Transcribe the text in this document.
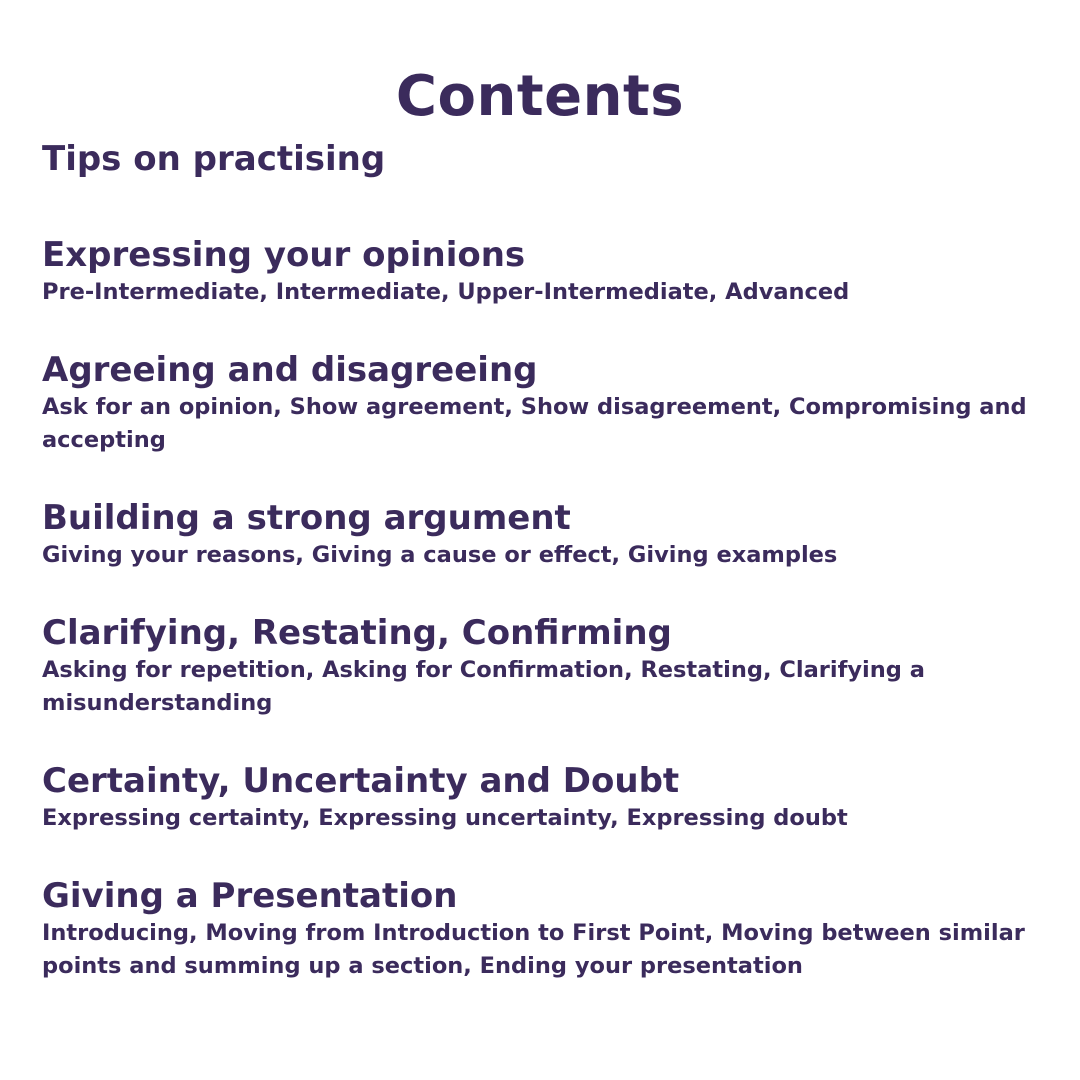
Contents
Tips on practising
Expressing your opinions

Pre-Intermediate, Intermediate, Upper-Intermediate, Advanced

Agreeing and disagreeing

Ask for an opinion, Show agreement, Show disagreement, Compromising and accepting

Building a strong argument

Giving your reasons, Giving a cause or effect, Giving examples

Clarifying, Restating, Confirming

Asking for repetition, Asking for Confirmation, Restating, Clarifying a misunderstanding

Certainty, Uncertainty and Doubt

Expressing certainty, Expressing uncertainty, Expressing doubt

Giving a Presentation

Introducing, Moving from Introduction to First Point, Moving between similar points and summing up a section, Ending your presentation
